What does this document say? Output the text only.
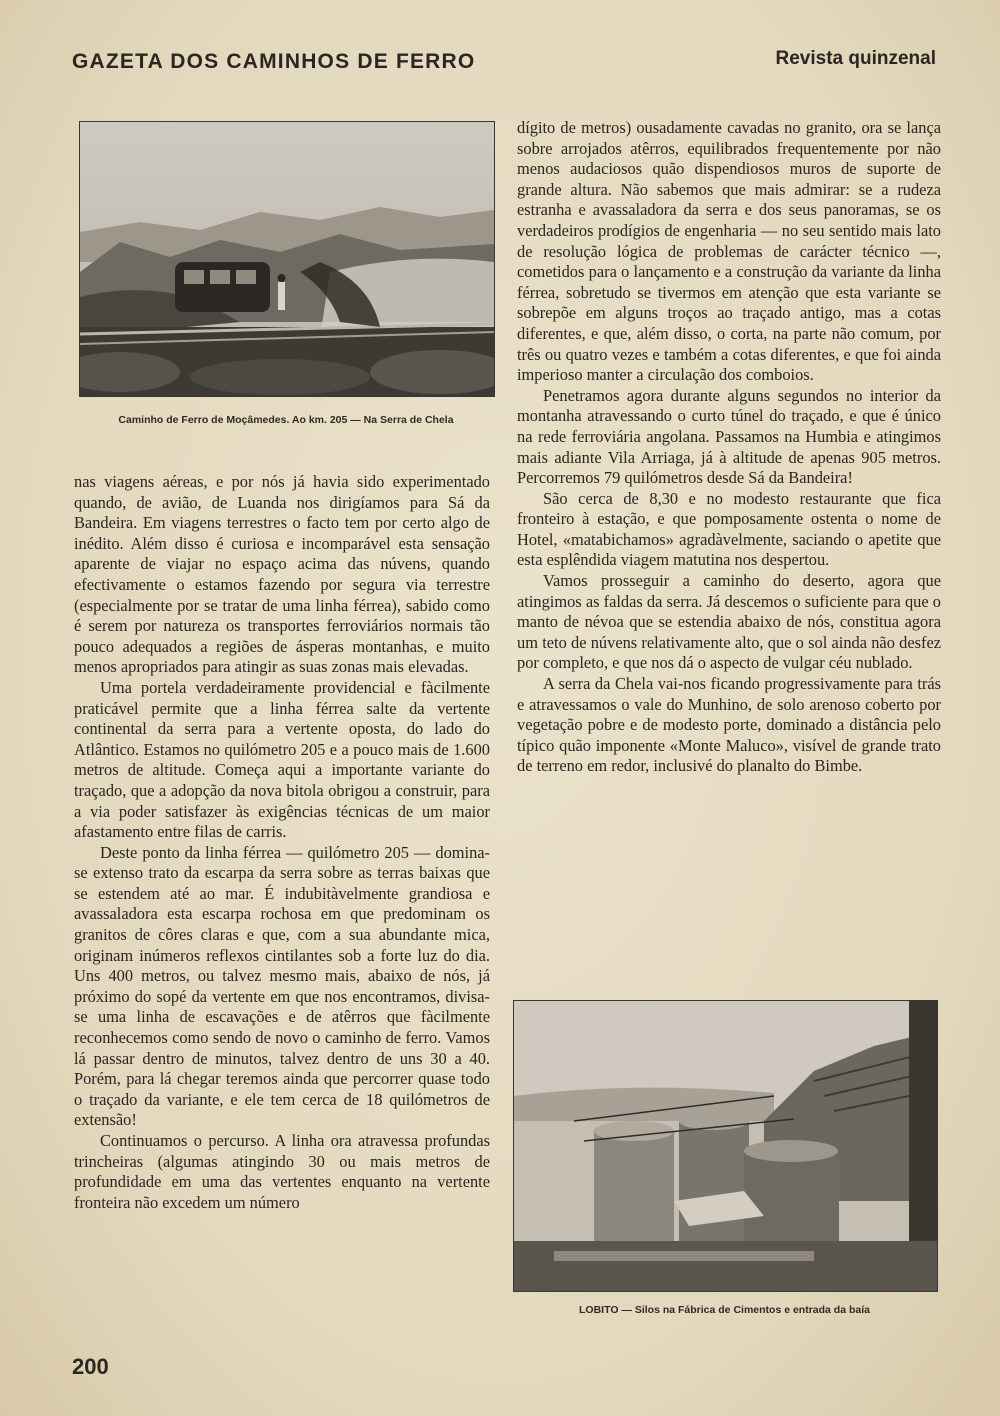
GAZETA DOS CAMINHOS DE FERRO	Revista quinzenal
Caminho de Ferro de Moçâmedes. Ao km. 205 — Na Serra de Chela

nas viagens aéreas, e por nós já havia sido experimentado quando, de avião, de Luanda nos dirigíamos para Sá da Bandeira. Em viagens terrestres o facto tem por certo algo de inédito. Além disso é curiosa e incomparável esta sensação aparente de viajar no espaço acima das núvens, quando efectivamente o estamos fazendo por segura via terrestre (especialmente por se tratar de uma linha férrea), sabido como é serem por natureza os transportes ferroviários normais tão pouco adequados a regiões de ásperas montanhas, e muito menos apropriados para atingir as suas zonas mais elevadas.

Uma portela verdadeiramente providencial e fàcilmente praticável permite que a linha férrea salte da vertente continental da serra para a vertente oposta, do lado do Atlântico. Estamos no quilómetro 205 e a pouco mais de 1.600 metros de altitude. Começa aqui a importante variante do traçado, que a adopção da nova bitola obrigou a construir, para a via poder satisfazer às exigências técnicas de um maior afastamento entre filas de carris.

Deste ponto da linha férrea — quilómetro 205 — domina-se extenso trato da escarpa da serra sobre as terras baixas que se estendem até ao mar. É indubitàvelmente grandiosa e avassaladora esta escarpa rochosa em que predominam os granitos de côres claras e que, com a sua abundante mica, originam inúmeros reflexos cintilantes sob a forte luz do dia. Uns 400 metros, ou talvez mesmo mais, abaixo de nós, já próximo do sopé da vertente em que nos encontramos, divisa-se uma linha de escavações e de atêrros que fàcilmente reconhecemos como sendo de novo o caminho de ferro. Vamos lá passar dentro de minutos, talvez dentro de uns 30 a 40. Porém, para lá chegar teremos ainda que percorrer quase todo o traçado da variante, e ele tem cerca de 18 quilómetros de extensão!

Continuamos o percurso. A linha ora atravessa profundas trincheiras (algumas atingindo 30 ou mais metros de profundidade em uma das vertentes enquanto na vertente fronteira não excedem um número

dígito de metros) ousadamente cavadas no granito, ora se lança sobre arrojados atêrros, equilibrados frequentemente por não menos audaciosos quão dispendiosos muros de suporte de grande altura. Não sabemos que mais admirar: se a rudeza estranha e avassaladora da serra e dos seus panoramas, se os verdadeiros prodígios de engenharia — no seu sentido mais lato de resolução lógica de problemas de carácter técnico —, cometidos para o lançamento e a construção da variante da linha férrea, sobretudo se tivermos em atenção que esta variante se sobrepõe em alguns troços ao traçado antigo, mas a cotas diferentes, e que, além disso, o corta, na parte não comum, por três ou quatro vezes e também a cotas diferentes, e que foi ainda imperioso manter a circulação dos comboios.

Penetramos agora durante alguns segundos no interior da montanha atravessando o curto túnel do traçado, e que é único na rede ferroviária angolana. Passamos na Humbia e atingimos mais adiante Vila Arriaga, já à altitude de apenas 905 metros. Percorremos 79 quilómetros desde Sá da Bandeira!

São cerca de 8,30 e no modesto restaurante que fica fronteiro à estação, e que pomposamente ostenta o nome de Hotel, «matabichamos» agradàvelmente, saciando o apetite que esta esplêndida viagem matutina nos despertou.

Vamos prosseguir a caminho do deserto, agora que atingimos as faldas da serra. Já descemos o suficiente para que o manto de névoa que se estendia abaixo de nós, constitua agora um teto de núvens relativamente alto, que o sol ainda não desfez por completo, e que nos dá o aspecto de vulgar céu nublado.

A serra da Chela vai-nos ficando progressivamente para trás e atravessamos o vale do Munhino, de solo arenoso coberto por vegetação pobre e de modesto porte, dominado a distância pelo típico quão imponente «Monte Maluco», visível de grande trato de terreno em redor, inclusivé do planalto do Bimbe.

LOBITO — Silos na Fábrica de Cimentos e entrada da baía
200
